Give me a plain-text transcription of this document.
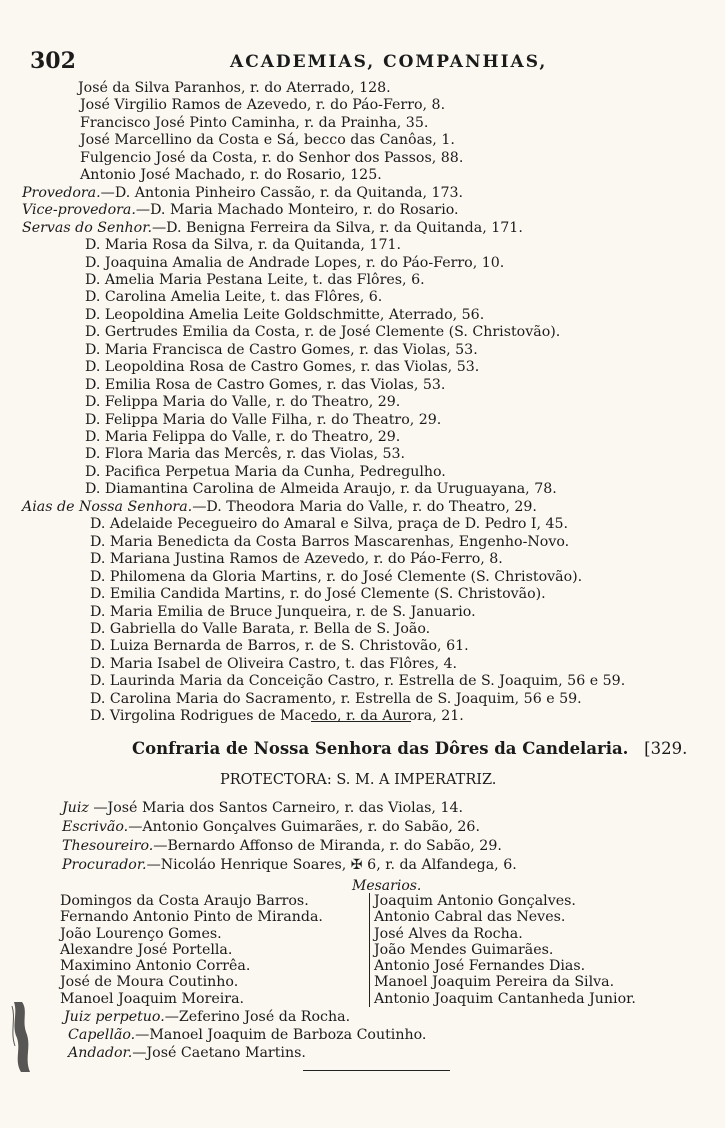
302	ACADEMIAS, COMPANHIAS,
José da Silva Paranhos, r. do Aterrado, 128.
José Virgilio Ramos de Azevedo, r. do Páo-Ferro, 8.
Francisco José Pinto Caminha, r. da Prainha, 35.
José Marcellino da Costa e Sá, becco das Canôas, 1.
Fulgencio José da Costa, r. do Senhor dos Passos, 88.
Antonio José Machado, r. do Rosario, 125.
Provedora.—D. Antonia Pinheiro Cassão, r. da Quitanda, 173.
Vice-provedora.—D. Maria Machado Monteiro, r. do Rosario.
Servas do Senhor.—D. Benigna Ferreira da Silva, r. da Quitanda, 171.
D. Maria Rosa da Silva, r. da Quitanda, 171.
D. Joaquina Amalia de Andrade Lopes, r. do Páo-Ferro, 10.
D. Amelia Maria Pestana Leite, t. das Flôres, 6.
D. Carolina Amelia Leite, t. das Flôres, 6.
D. Leopoldina Amelia Leite Goldschmitte, Aterrado, 56.
D. Gertrudes Emilia da Costa, r. de José Clemente (S. Christovão).
D. Maria Francisca de Castro Gomes, r. das Violas, 53.
D. Leopoldina Rosa de Castro Gomes, r. das Violas, 53.
D. Emilia Rosa de Castro Gomes, r. das Violas, 53.
D. Felippa Maria do Valle, r. do Theatro, 29.
D. Felippa Maria do Valle Filha, r. do Theatro, 29.
D. Maria Felippa do Valle, r. do Theatro, 29.
D. Flora Maria das Mercês, r. das Violas, 53.
D. Pacifica Perpetua Maria da Cunha, Pedregulho.
D. Diamantina Carolina de Almeida Araujo, r. da Uruguayana, 78.
Aias de Nossa Senhora.—D. Theodora Maria do Valle, r. do Theatro, 29.
D. Adelaide Pecegueiro do Amaral e Silva, praça de D. Pedro I, 45.
D. Maria Benedicta da Costa Barros Mascarenhas, Engenho-Novo.
D. Mariana Justina Ramos de Azevedo, r. do Páo-Ferro, 8.
D. Philomena da Gloria Martins, r. do José Clemente (S. Christovão).
D. Emilia Candida Martins, r. do José Clemente (S. Christovão).
D. Maria Emilia de Bruce Junqueira, r. de S. Januario.
D. Gabriella do Valle Barata, r. Bella de S. João.
D. Luiza Bernarda de Barros, r. de S. Christovão, 61.
D. Maria Isabel de Oliveira Castro, t. das Flôres, 4.
D. Laurinda Maria da Conceição Castro, r. Estrella de S. Joaquim, 56 e 59.
D. Carolina Maria do Sacramento, r. Estrella de S. Joaquim, 56 e 59.
D. Virgolina Rodrigues de Macedo, r. da Aurora, 21.
Confraria de Nossa Senhora das Dôres da Candelaria. [329.
PROTECTORA: S. M. A IMPERATRIZ.
Juiz —José Maria dos Santos Carneiro, r. das Violas, 14.
Escrivão.—Antonio Gonçalves Guimarães, r. do Sabão, 26.
Thesoureiro.—Bernardo Affonso de Miranda, r. do Sabão, 29.
Procurador.—Nicoláo Henrique Soares, ✠ 6, r. da Alfandega, 6.
Mesarios.
Domingos da Costa Araujo Barros.
Fernando Antonio Pinto de Miranda.
João Lourenço Gomes.
Alexandre José Portella.
Maximino Antonio Corrêa.
José de Moura Coutinho.
Manoel Joaquim Moreira.
Joaquim Antonio Gonçalves.
Antonio Cabral das Neves.
José Alves da Rocha.
João Mendes Guimarães.
Antonio José Fernandes Dias.
Manoel Joaquim Pereira da Silva.
Antonio Joaquim Cantanheda Junior.
Juiz perpetuo.—Zeferino José da Rocha.
Capellão.—Manoel Joaquim de Barboza Coutinho.
Andador.—José Caetano Martins.
